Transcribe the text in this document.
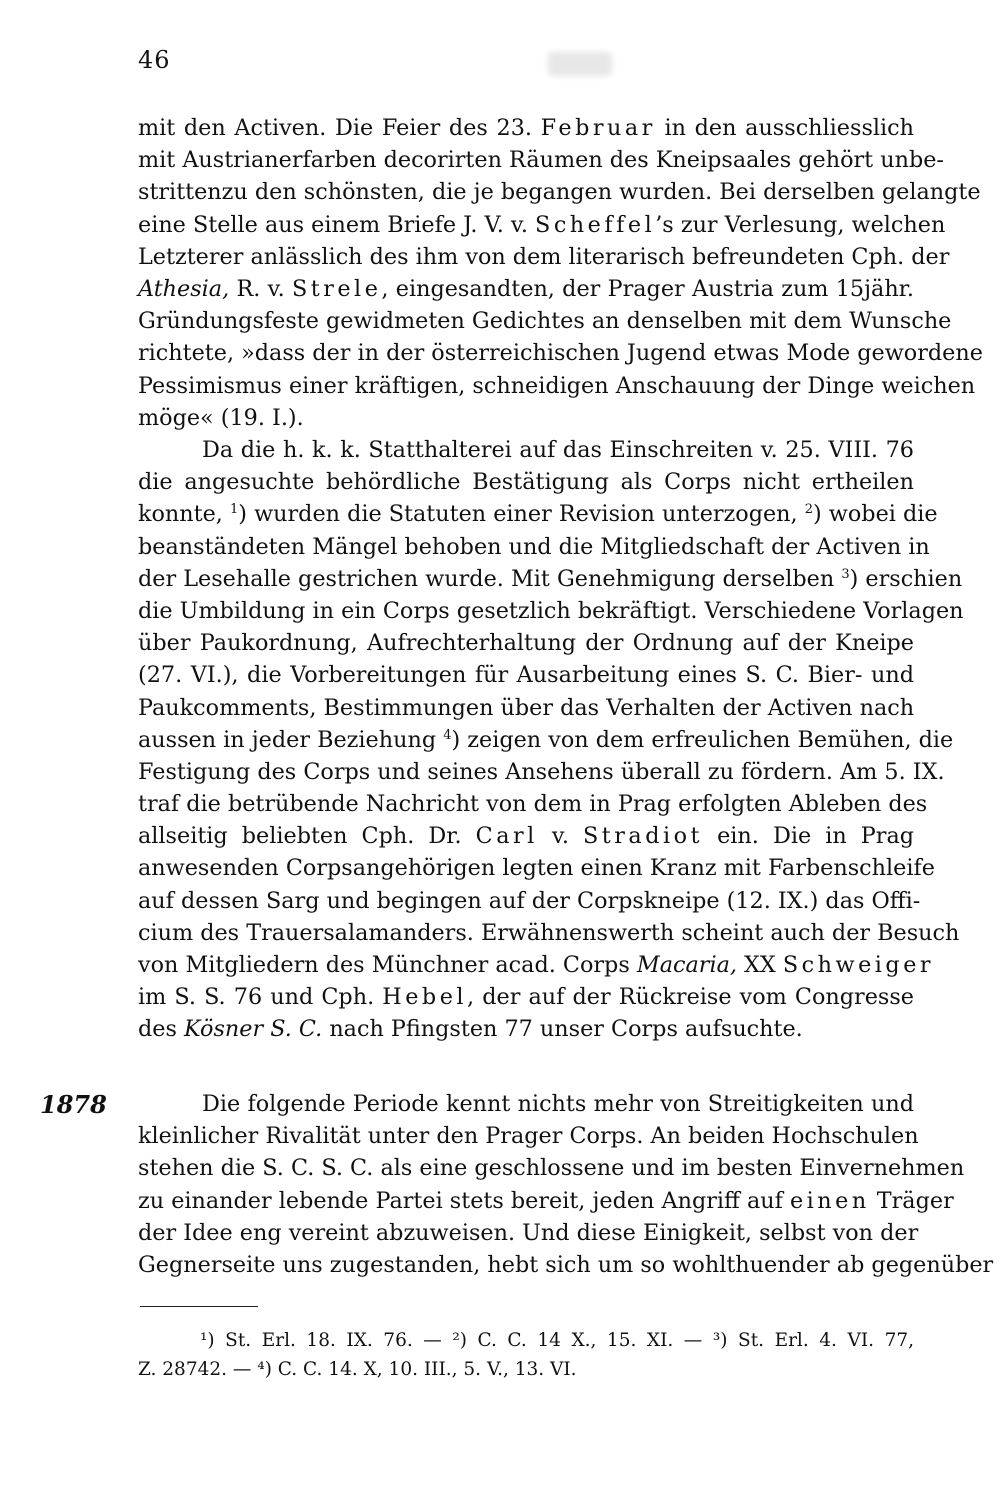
46
mit den Activen. Die Feier des 23. Februar in den ausschliesslich
mit Austrianerfarben decorirten Räumen des Kneipsaales gehört unbe-
strittenzu den schönsten, die je begangen wurden. Bei derselben gelangte
eine Stelle aus einem Briefe J. V. v. Scheffel’s zur Verlesung, welchen
Letzterer anlässlich des ihm von dem literarisch befreundeten Cph. der
Athesia, R. v. Strele, eingesandten, der Prager Austria zum 15jähr.
Gründungsfeste gewidmeten Gedichtes an denselben mit dem Wunsche
richtete, »dass der in der österreichischen Jugend etwas Mode gewordene
Pessimismus einer kräftigen, schneidigen Anschauung der Dinge weichen
möge« (19. I.).
Da die h. k. k. Statthalterei auf das Einschreiten v. 25. VIII. 76
die angesuchte behördliche Bestätigung als Corps nicht ertheilen
konnte, $^1$) wurden die Statuten einer Revision unterzogen, $^2$) wobei die
beanständeten Mängel behoben und die Mitgliedschaft der Activen in
der Lesehalle gestrichen wurde. Mit Genehmigung derselben $^3$) erschien
die Umbildung in ein Corps gesetzlich bekräftigt. Verschiedene Vorlagen
über Paukordnung, Aufrechterhaltung der Ordnung auf der Kneipe
(27. VI.), die Vorbereitungen für Ausarbeitung eines S. C. Bier- und
Paukcomments, Bestimmungen über das Verhalten der Activen nach
aussen in jeder Beziehung $^4$) zeigen von dem erfreulichen Bemühen, die
Festigung des Corps und seines Ansehens überall zu fördern. Am 5. IX.
traf die betrübende Nachricht von dem in Prag erfolgten Ableben des
allseitig beliebten Cph. Dr. Carl v. Stradiot ein. Die in Prag
anwesenden Corpsangehörigen legten einen Kranz mit Farbenschleife
auf dessen Sarg und begingen auf der Corpskneipe (12. IX.) das Offi-
cium des Trauersalamanders. Erwähnenswerth scheint auch der Besuch
von Mitgliedern des Münchner acad. Corps Macaria, XX Schweiger
im S. S. 76 und Cph. Hebel, der auf der Rückreise vom Congresse
des Kösner S. C. nach Pfingsten 77 unser Corps aufsuchte.
1878	Die folgende Periode kennt nichts mehr von Streitigkeiten und
kleinlicher Rivalität unter den Prager Corps. An beiden Hochschulen
stehen die S. C. S. C. als eine geschlossene und im besten Einvernehmen
zu einander lebende Partei stets bereit, jeden Angriff auf einen Träger
der Idee eng vereint abzuweisen. Und diese Einigkeit, selbst von der
Gegnerseite uns zugestanden, hebt sich um so wohlthuender ab gegenüber
¹) St. Erl. 18. IX. 76. — ²) C. C. 14 X., 15. XI. — ³) St. Erl. 4. VI. 77,
Z. 28742. — ⁴) C. C. 14. X, 10. III., 5. V., 13. VI.
